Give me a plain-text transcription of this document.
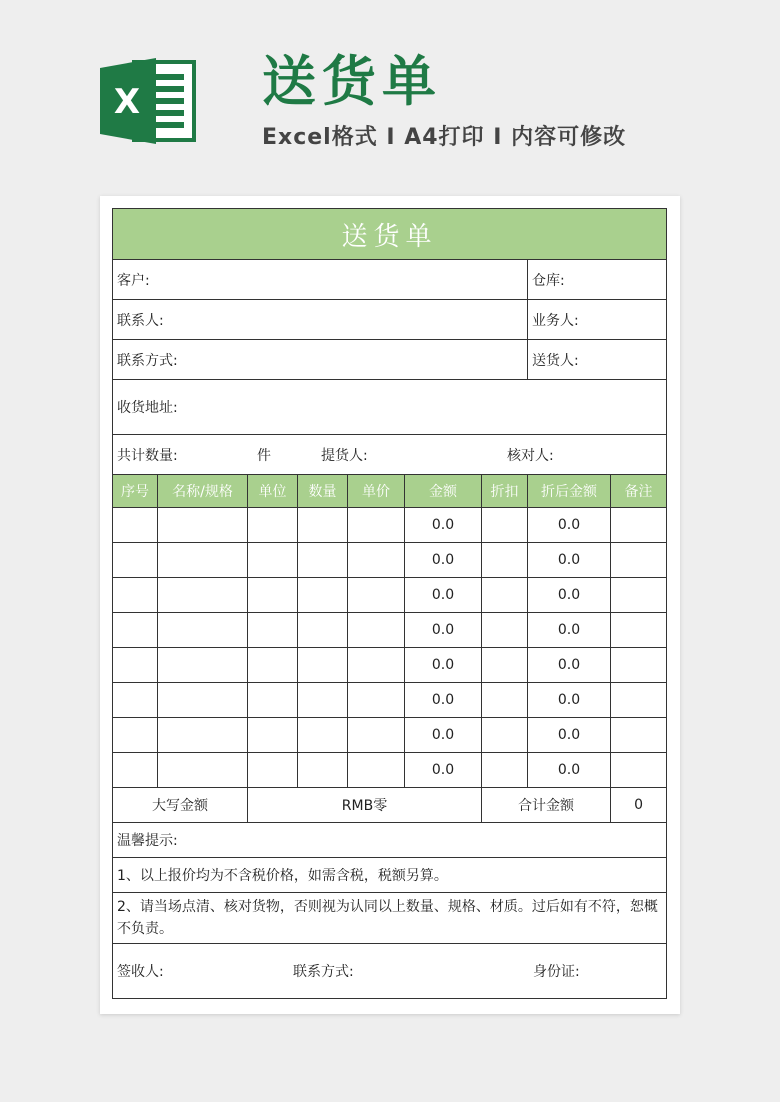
X 送货单
Excel格式 I A4打印 I 内容可修改
送货单								
客户:							仓库:	
联系人:							业务人:	
联系方式:							送货人:	
收货地址:								
共计数量: 件 提货人: 核对人:								
序号	名称/规格	单位	数量	单价	金额	折扣	折后金额	备注
					0.0		0.0	
					0.0		0.0	
					0.0		0.0	
					0.0		0.0	
					0.0		0.0	
					0.0		0.0	
					0.0		0.0	
					0.0		0.0	
大写金额		RMB零				合计金额		0
温馨提示:								
1、以上报价均为不含税价格，如需含税，税额另算。								
2、请当场点清、核对货物，否则视为认同以上数量、规格、材质。过后如有不符，恕概不负责。								
签收人: 联系方式: 身份证:								
